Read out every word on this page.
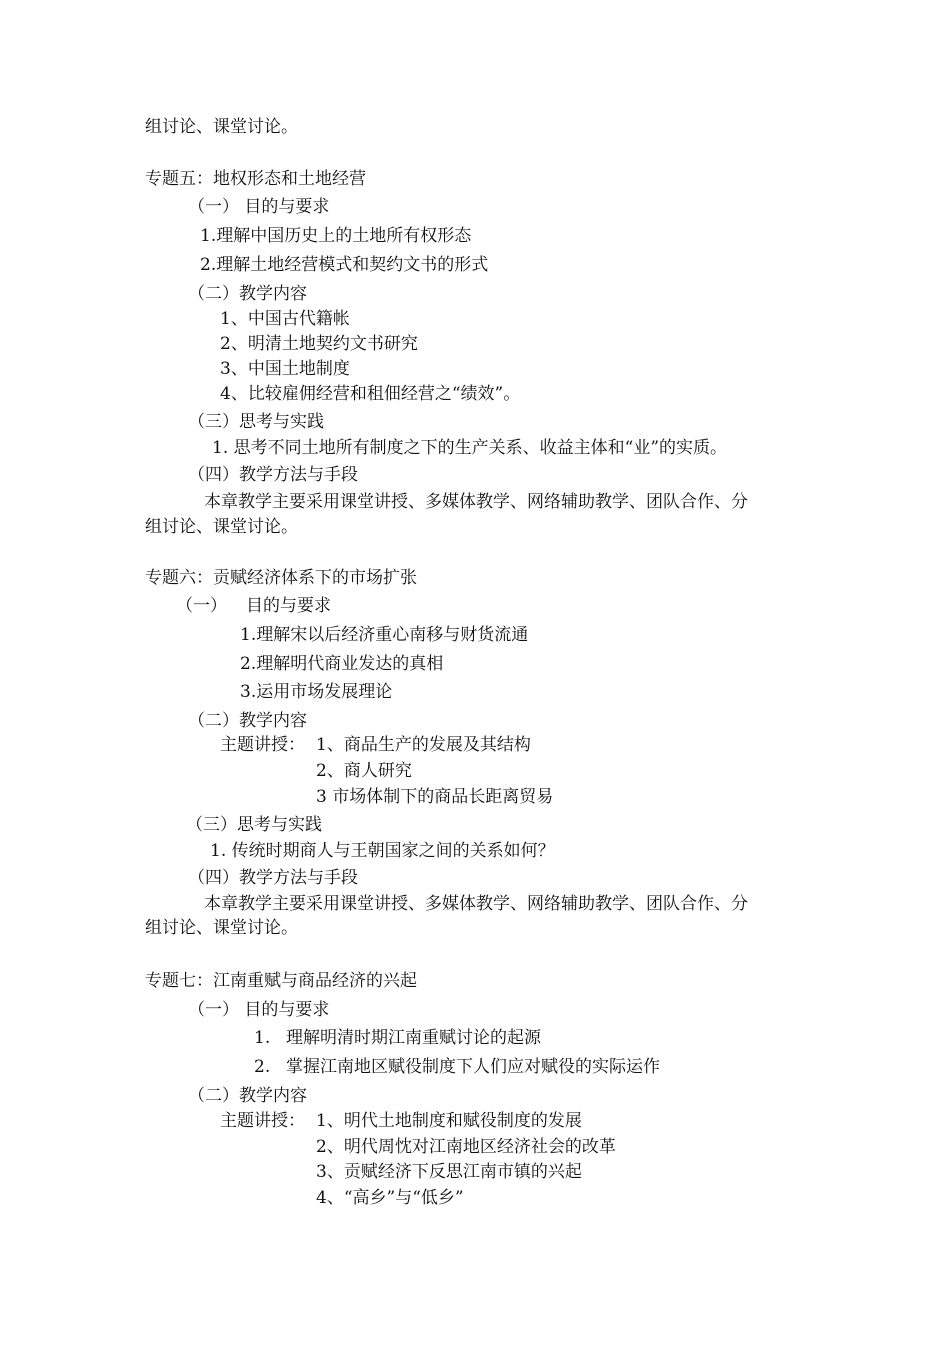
组讨论、课堂讨论。
专题五：地权形态和土地经营
（一） 目的与要求
1.理解中国历史上的土地所有权形态
2.理解土地经营模式和契约文书的形式
（二）教学内容
1、中国古代籍帐
2、明清土地契约文书研究
3、中国土地制度
4、比较雇佣经营和租佃经营之“绩效”。
（三）思考与实践
1. 思考不同土地所有制度之下的生产关系、收益主体和“业”的实质。
（四）教学方法与手段
本章教学主要采用课堂讲授、多媒体教学、网络辅助教学、团队合作、分
组讨论、课堂讨论。
专题六：贡赋经济体系下的市场扩张
（一） 目的与要求
1.理解宋以后经济重心南移与财货流通
2.理解明代商业发达的真相
3.运用市场发展理论
（二）教学内容
主题讲授： 1、商品生产的发展及其结构
2、商人研究
3 市场体制下的商品长距离贸易
（三）思考与实践
1. 传统时期商人与王朝国家之间的关系如何？
（四）教学方法与手段
本章教学主要采用课堂讲授、多媒体教学、网络辅助教学、团队合作、分
组讨论、课堂讨论。
专题七：江南重赋与商品经济的兴起
（一） 目的与要求
1. 理解明清时期江南重赋讨论的起源
2. 掌握江南地区赋役制度下人们应对赋役的实际运作
（二）教学内容
主题讲授： 1、明代土地制度和赋役制度的发展
2、明代周忱对江南地区经济社会的改革
3、贡赋经济下反思江南市镇的兴起
4、“高乡”与“低乡”
